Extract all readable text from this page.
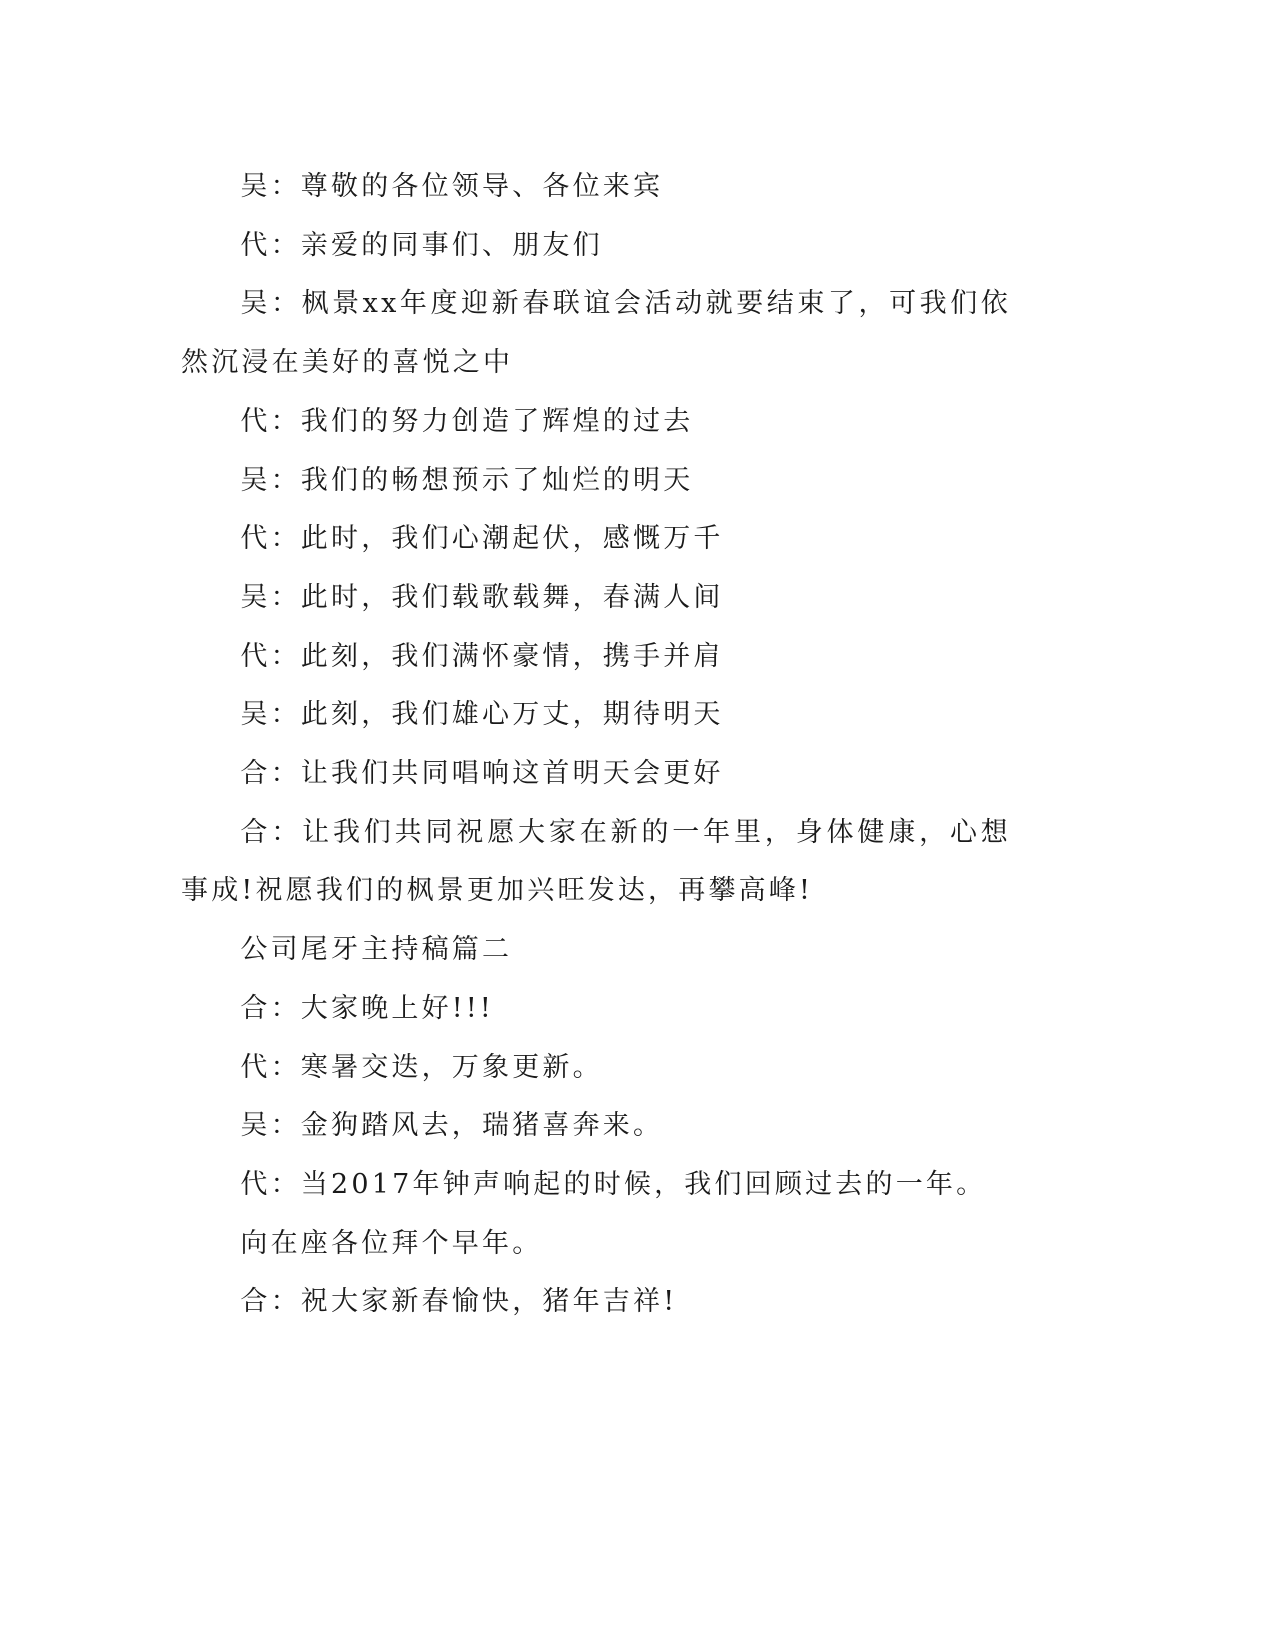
吴：尊敬的各位领导、各位来宾

代：亲爱的同事们、朋友们

吴：枫景xx年度迎新春联谊会活动就要结束了，可我们依然沉浸在美好的喜悦之中

代：我们的努力创造了辉煌的过去

吴：我们的畅想预示了灿烂的明天

代：此时，我们心潮起伏，感慨万千

吴：此时，我们载歌载舞，春满人间

代：此刻，我们满怀豪情，携手并肩

吴：此刻，我们雄心万丈，期待明天

合：让我们共同唱响这首明天会更好

合：让我们共同祝愿大家在新的一年里，身体健康，心想事成!祝愿我们的枫景更加兴旺发达，再攀高峰!

公司尾牙主持稿篇二

合：大家晚上好!!!

代：寒暑交迭，万象更新。

吴：金狗踏风去，瑞猪喜奔来。

代：当2017年钟声响起的时候，我们回顾过去的一年。

向在座各位拜个早年。

合：祝大家新春愉快，猪年吉祥!
